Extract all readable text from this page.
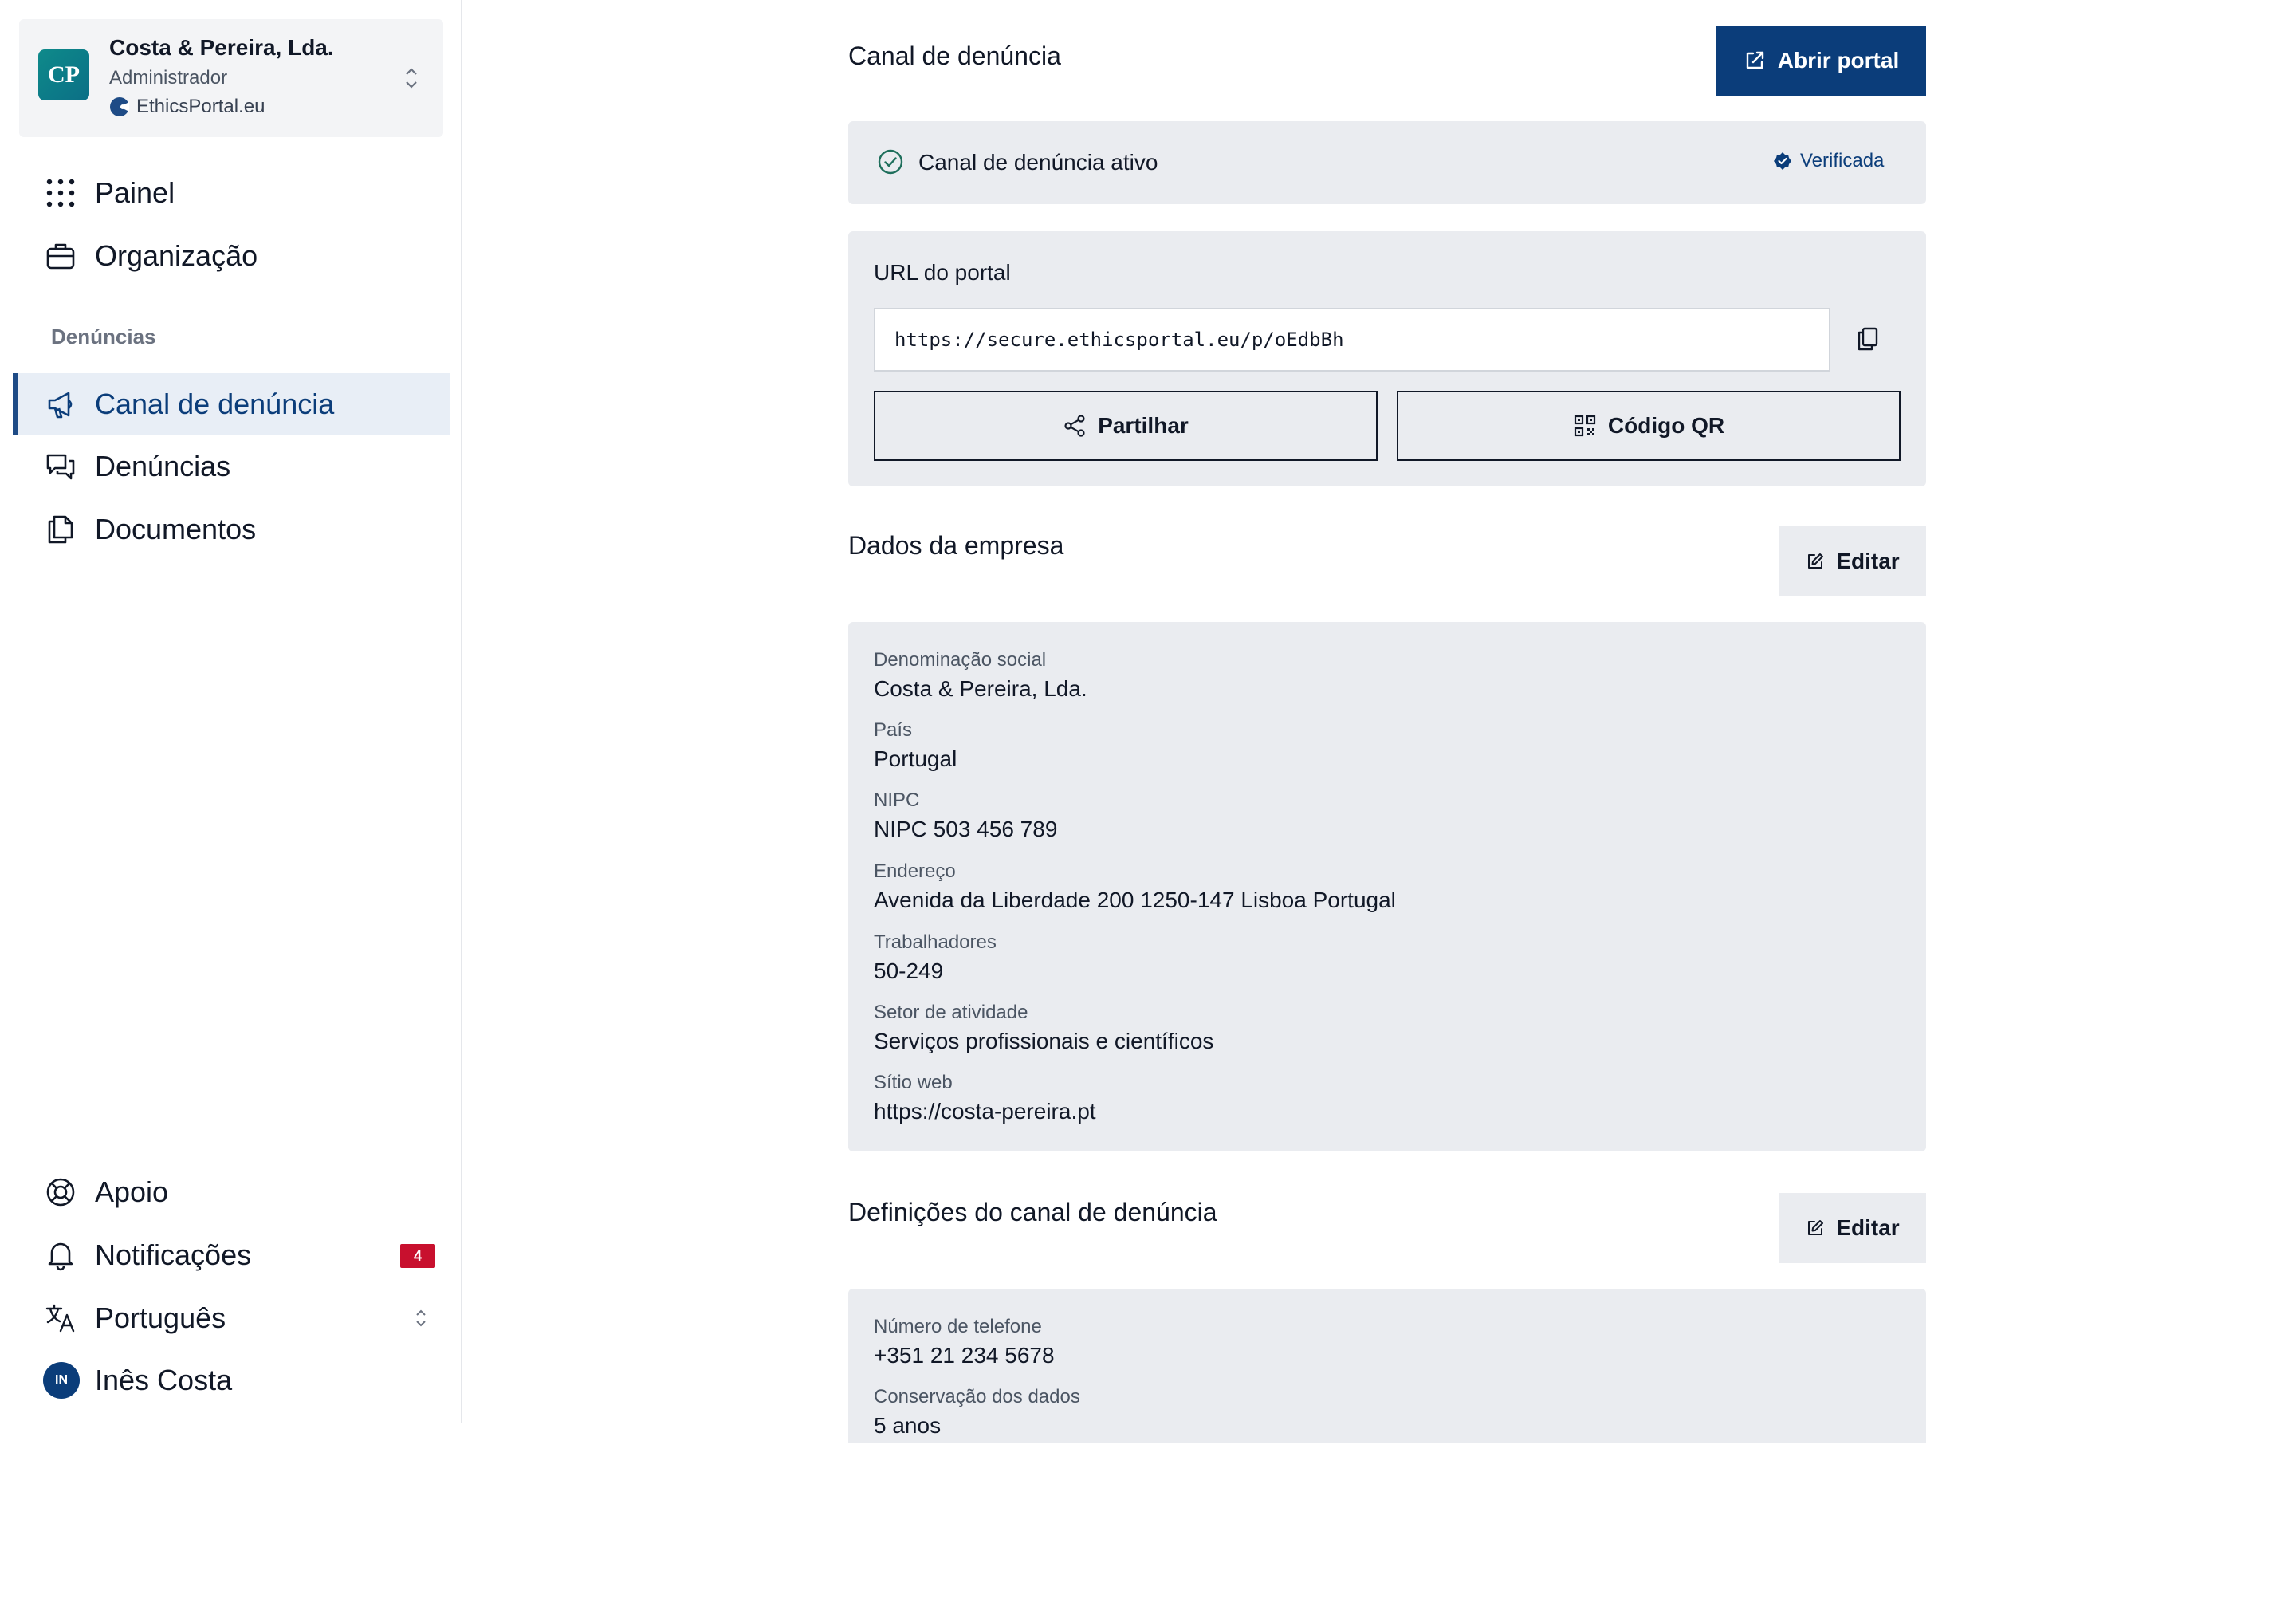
CP
Costa & Pereira, Lda.
Administrador
EthicsPortal.eu
Painel
Organização
Denúncias
Canal de denúncia
Denúncias
Documentos
Apoio
Notificações	4
Português
IN Inês Costa
Canal de denúncia	Abrir portal
Canal de denúncia ativo	Verificada
URL do portal
https://secure.ethicsportal.eu/p/oEdbBh
Partilhar	Código QR
Dados da empresa
Editar
Denominação social
Costa & Pereira, Lda.
País
Portugal
NIPC
NIPC 503 456 789
Endereço
Avenida da Liberdade 200 1250-147 Lisboa Portugal
Trabalhadores
50-249
Setor de atividade
Serviços profissionais e científicos
Sítio web
https://costa-pereira.pt
Definições do canal de denúncia
Editar
Número de telefone
+351 21 234 5678
Conservação dos dados
5 anos
